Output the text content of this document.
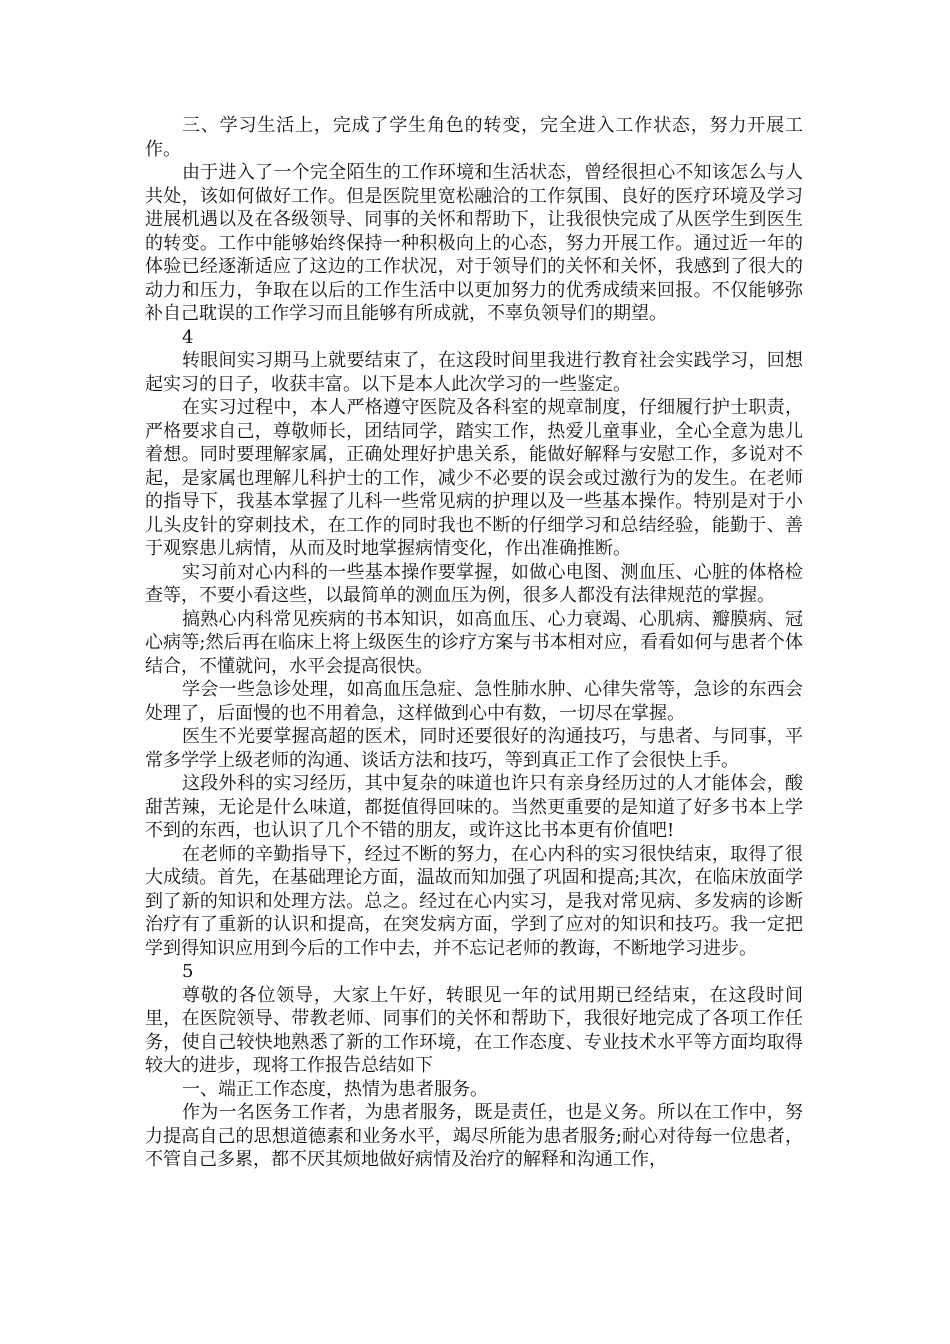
三、学习生活上，完成了学生角色的转变，完全进入工作状态，努力开展工作。

由于进入了一个完全陌生的工作环境和生活状态，曾经很担心不知该怎么与人共处，该如何做好工作。但是医院里宽松融洽的工作氛围、良好的医疗环境及学习进展机遇以及在各级领导、同事的关怀和帮助下，让我很快完成了从医学生到医生的转变。工作中能够始终保持一种积极向上的心态，努力开展工作。通过近一年的体验已经逐渐适应了这边的工作状况，对于领导们的关怀和关怀，我感到了很大的动力和压力，争取在以后的工作生活中以更加努力的优秀成绩来回报。不仅能够弥补自己耽误的工作学习而且能够有所成就，不辜负领导们的期望。

4

转眼间实习期马上就要结束了，在这段时间里我进行教育社会实践学习，回想起实习的日子，收获丰富。以下是本人此次学习的一些鉴定。

在实习过程中，本人严格遵守医院及各科室的规章制度，仔细履行护士职责，严格要求自己，尊敬师长，团结同学，踏实工作，热爱儿童事业，全心全意为患儿着想。同时要理解家属，正确处理好护患关系，能做好解释与安慰工作，多说对不起，是家属也理解儿科护士的工作，减少不必要的误会或过激行为的发生。在老师的指导下，我基本掌握了儿科一些常见病的护理以及一些基本操作。特别是对于小儿头皮针的穿刺技术，在工作的同时我也不断的仔细学习和总结经验，能勤于、善于观察患儿病情，从而及时地掌握病情变化，作出准确推断。

实习前对心内科的一些基本操作要掌握，如做心电图、测血压、心脏的体格检查等，不要小看这些，以最简单的测血压为例，很多人都没有法律规范的掌握。

搞熟心内科常见疾病的书本知识，如高血压、心力衰竭、心肌病、瓣膜病、冠心病等;然后再在临床上将上级医生的诊疗方案与书本相对应，看看如何与患者个体结合，不懂就问，水平会提高很快。

学会一些急诊处理，如高血压急症、急性肺水肿、心律失常等，急诊的东西会处理了，后面慢的也不用着急，这样做到心中有数，一切尽在掌握。

医生不光要掌握高超的医术，同时还要很好的沟通技巧，与患者、与同事，平常多学学上级老师的沟通、谈话方法和技巧，等到真正工作了会很快上手。

这段外科的实习经历，其中复杂的味道也许只有亲身经历过的人才能体会，酸甜苦辣，无论是什么味道，都挺值得回味的。当然更重要的是知道了好多书本上学不到的东西，也认识了几个不错的朋友，或许这比书本更有价值吧!

在老师的辛勤指导下，经过不断的努力，在心内科的实习很快结束，取得了很大成绩。首先，在基础理论方面，温故而知加强了巩固和提高;其次，在临床放面学到了新的知识和处理方法。总之。经过在心内实习，是我对常见病、多发病的诊断治疗有了重新的认识和提高，在突发病方面，学到了应对的知识和技巧。我一定把学到得知识应用到今后的工作中去，并不忘记老师的教诲，不断地学习进步。

5

尊敬的各位领导，大家上午好，转眼见一年的试用期已经结束，在这段时间里，在医院领导、带教老师、同事们的关怀和帮助下，我很好地完成了各项工作任务，使自己较快地熟悉了新的工作环境，在工作态度、专业技术水平等方面均取得较大的进步，现将工作报告总结如下

一、端正工作态度，热情为患者服务。

作为一名医务工作者，为患者服务，既是责任，也是义务。所以在工作中，努力提高自己的思想道德素和业务水平，竭尽所能为患者服务;耐心对待每一位患者，不管自己多累，都不厌其烦地做好病情及治疗的解释和沟通工作，
